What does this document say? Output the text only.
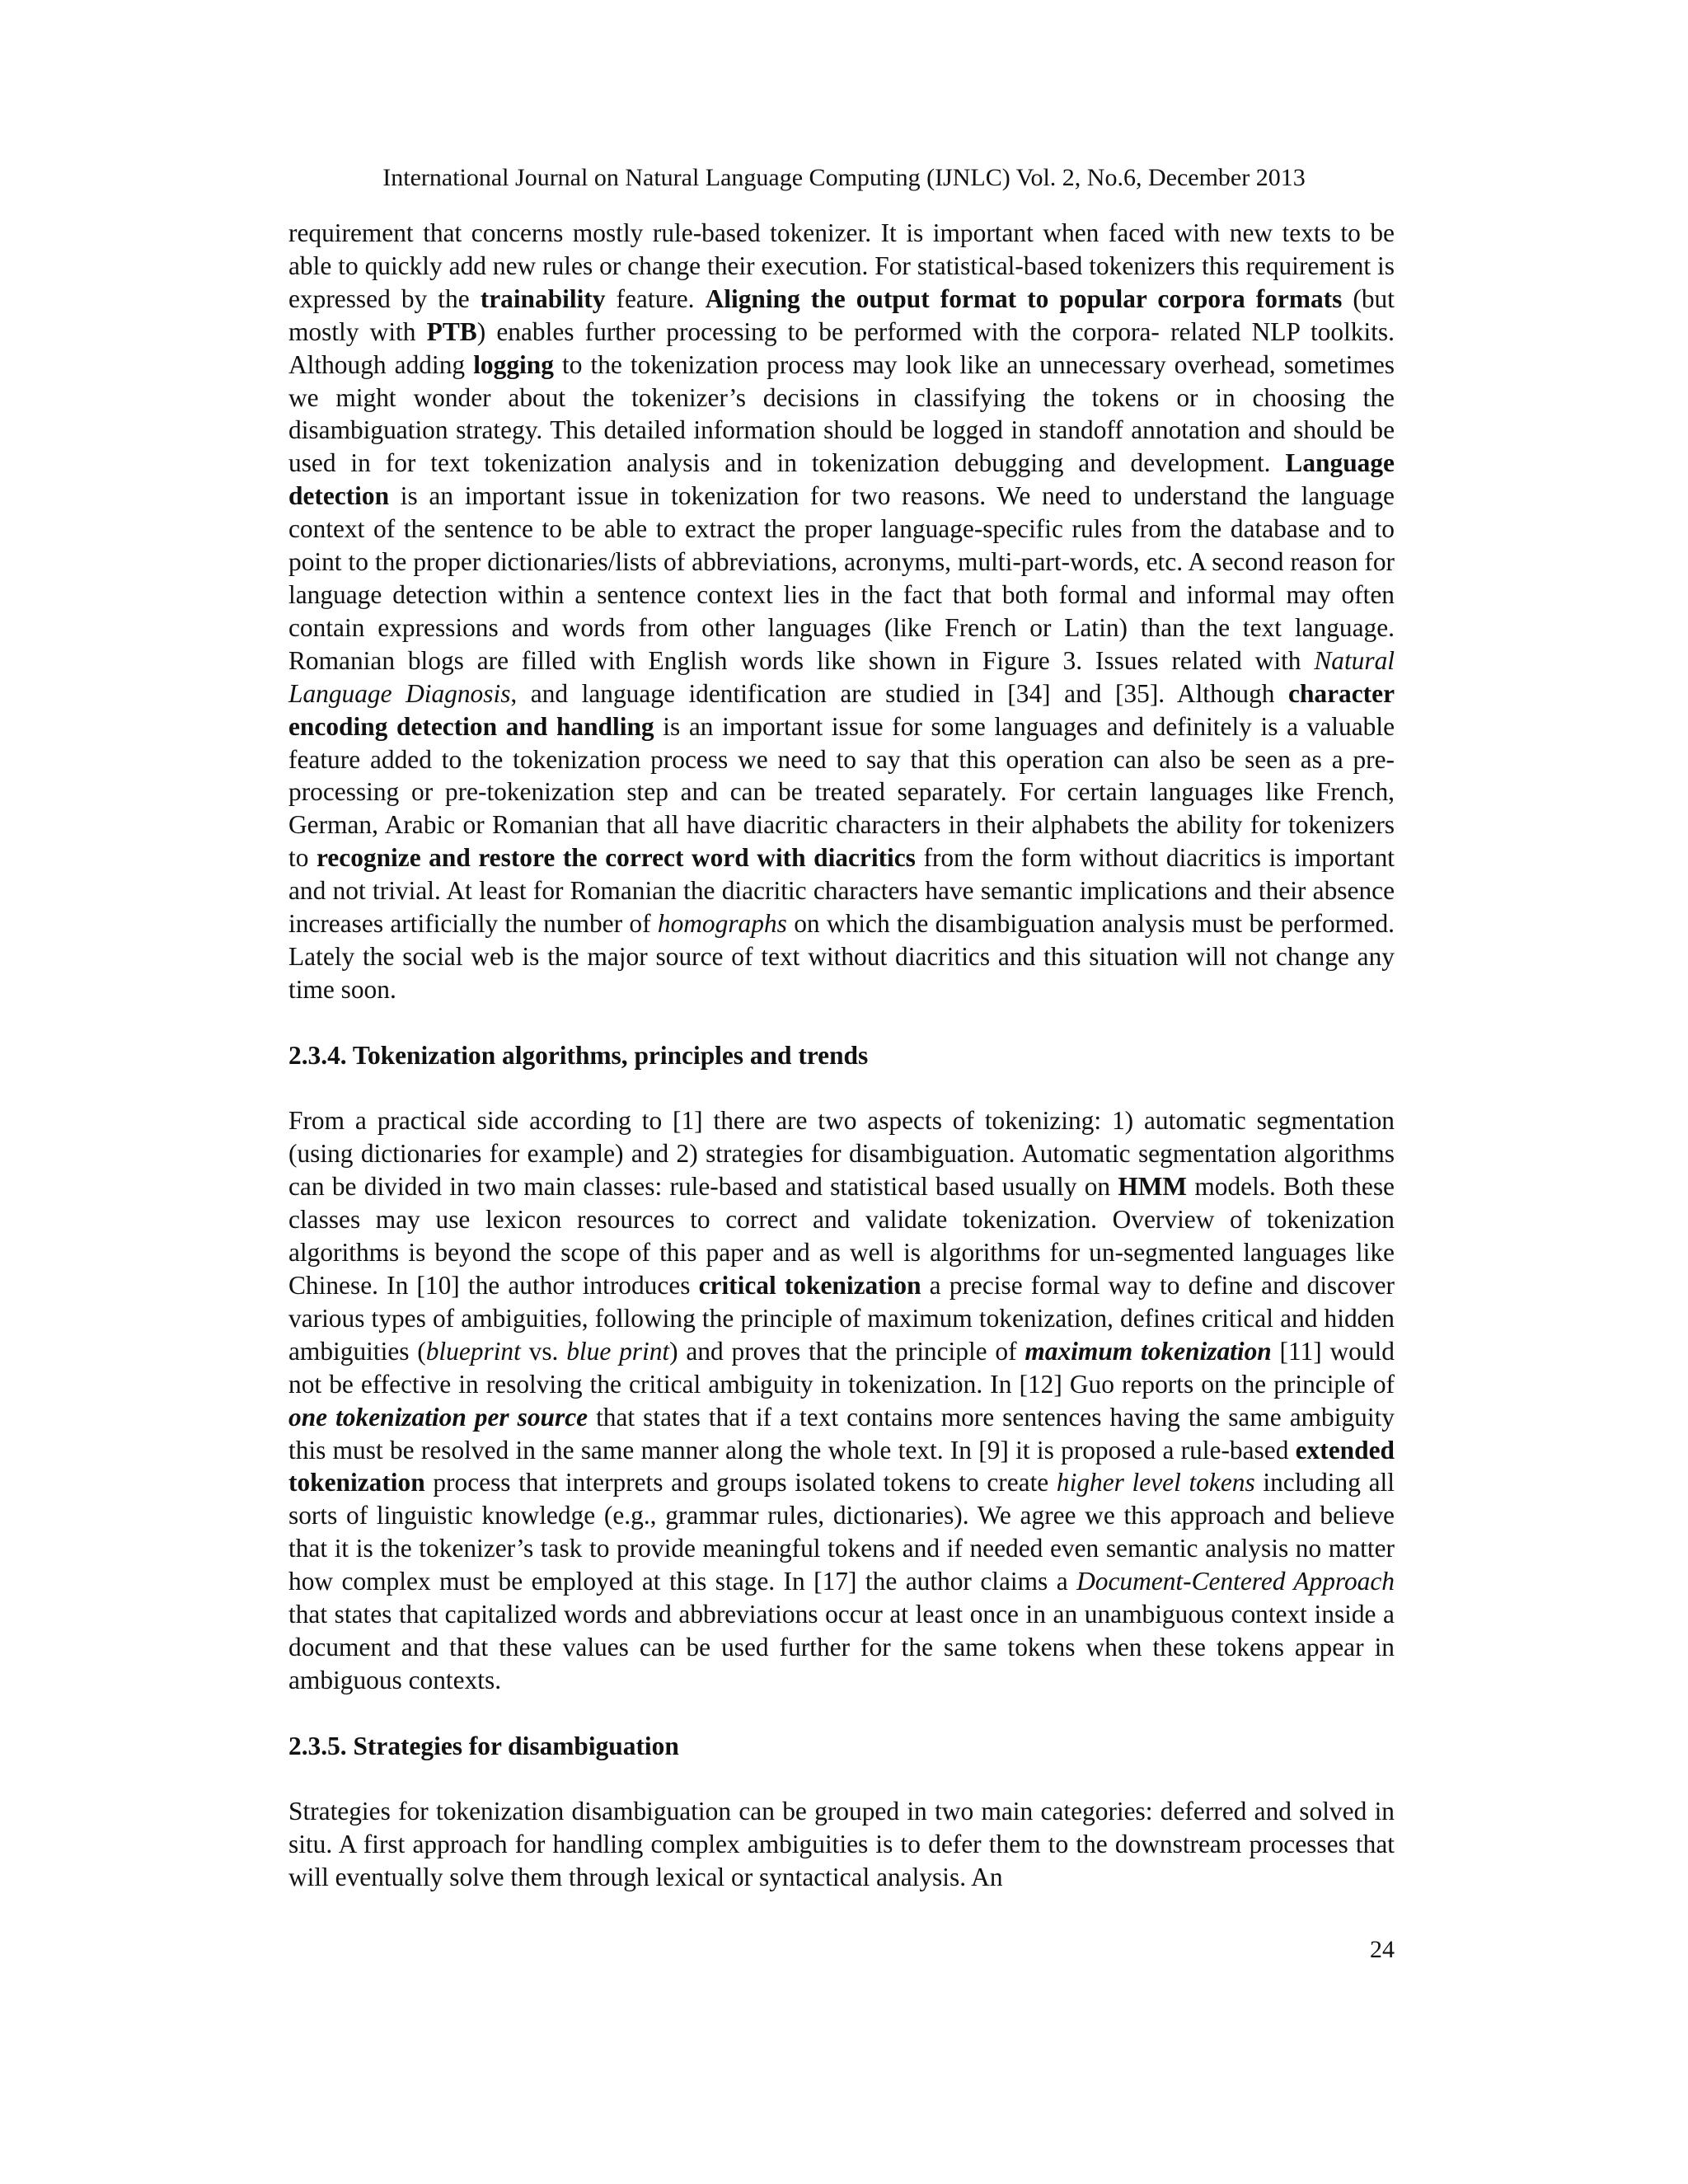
International Journal on Natural Language Computing (IJNLC) Vol. 2, No.6, December 2013

requirement that concerns mostly rule-based tokenizer. It is important when faced with new texts to be able to quickly add new rules or change their execution. For statistical-based tokenizers this requirement is expressed by the trainability feature. Aligning the output format to popular corpora formats (but mostly with PTB) enables further processing to be performed with the corpora- related NLP toolkits. Although adding logging to the tokenization process may look like an unnecessary overhead, sometimes we might wonder about the tokenizer’s decisions in classifying the tokens or in choosing the disambiguation strategy. This detailed information should be logged in standoff annotation and should be used in for text tokenization analysis and in tokenization debugging and development. Language detection is an important issue in tokenization for two reasons. We need to understand the language context of the sentence to be able to extract the proper language-specific rules from the database and to point to the proper dictionaries/lists of abbreviations, acronyms, multi-part-words, etc. A second reason for language detection within a sentence context lies in the fact that both formal and informal may often contain expressions and words from other languages (like French or Latin) than the text language. Romanian blogs are filled with English words like shown in Figure 3. Issues related with Natural Language Diagnosis, and language identification are studied in [34] and [35]. Although character encoding detection and handling is an important issue for some languages and definitely is a valuable feature added to the tokenization process we need to say that this operation can also be seen as a pre-processing or pre-tokenization step and can be treated separately. For certain languages like French, German, Arabic or Romanian that all have diacritic characters in their alphabets the ability for tokenizers to recognize and restore the correct word with diacritics from the form without diacritics is important and not trivial. At least for Romanian the diacritic characters have semantic implications and their absence increases artificially the number of homographs on which the disambiguation analysis must be performed. Lately the social web is the major source of text without diacritics and this situation will not change any time soon.

2.3.4. Tokenization algorithms, principles and trends

From a practical side according to [1] there are two aspects of tokenizing: 1) automatic segmentation (using dictionaries for example) and 2) strategies for disambiguation. Automatic segmentation algorithms can be divided in two main classes: rule-based and statistical based usually on HMM models. Both these classes may use lexicon resources to correct and validate tokenization. Overview of tokenization algorithms is beyond the scope of this paper and as well is algorithms for un-segmented languages like Chinese. In [10] the author introduces critical tokenization a precise formal way to define and discover various types of ambiguities, following the principle of maximum tokenization, defines critical and hidden ambiguities (blueprint vs. blue print) and proves that the principle of maximum tokenization [11] would not be effective in resolving the critical ambiguity in tokenization. In [12] Guo reports on the principle of one tokenization per source that states that if a text contains more sentences having the same ambiguity this must be resolved in the same manner along the whole text. In [9] it is proposed a rule-based extended tokenization process that interprets and groups isolated tokens to create higher level tokens including all sorts of linguistic knowledge (e.g., grammar rules, dictionaries). We agree we this approach and believe that it is the tokenizer’s task to provide meaningful tokens and if needed even semantic analysis no matter how complex must be employed at this stage. In [17] the author claims a Document-Centered Approach that states that capitalized words and abbreviations occur at least once in an unambiguous context inside a document and that these values can be used further for the same tokens when these tokens appear in ambiguous contexts.

2.3.5. Strategies for disambiguation

Strategies for tokenization disambiguation can be grouped in two main categories: deferred and solved in situ. A first approach for handling complex ambiguities is to defer them to the downstream processes that will eventually solve them through lexical or syntactical analysis. An

24
